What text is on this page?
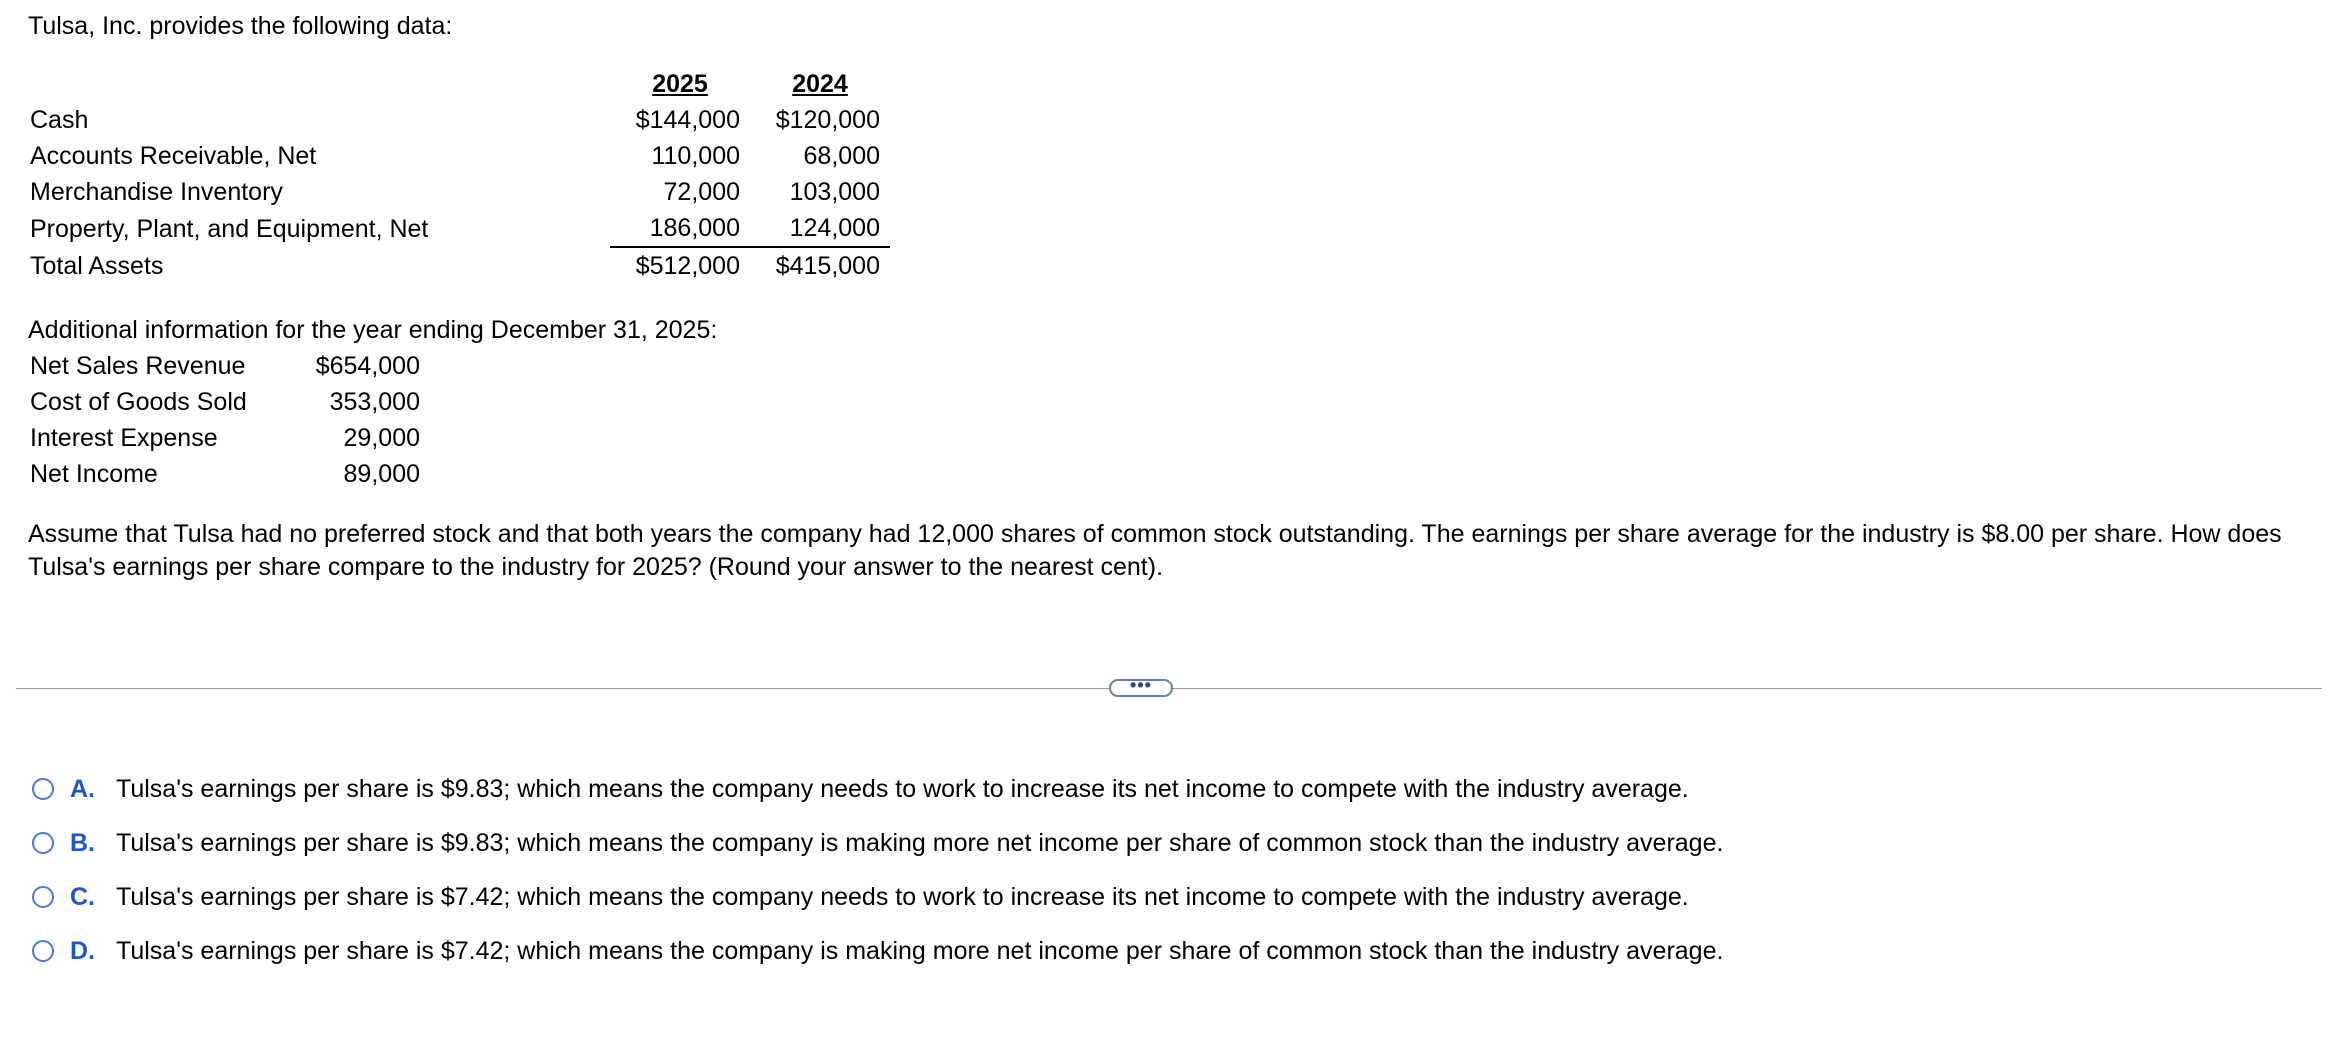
Tulsa, Inc. provides the following data:
	2025	2024
Cash	$144,000	$120,000
Accounts Receivable, Net	110,000	68,000
Merchandise Inventory	72,000	103,000
Property, Plant, and Equipment, Net	186,000	124,000
Total Assets	$512,000	$415,000
Additional information for the year ending December 31, 2025:
Net Sales Revenue	$654,000
Cost of Goods Sold	353,000
Interest Expense	29,000
Net Income	89,000
Assume that Tulsa had no preferred stock and that both years the company had 12,000 shares of common stock outstanding. The earnings per share average for the industry is $8.00 per share. How does Tulsa's earnings per share compare to the industry for 2025? (Round your answer to the nearest cent).
•••
A. Tulsa's earnings per share is $9.83; which means the company needs to work to increase its net income to compete with the industry average.
B. Tulsa's earnings per share is $9.83; which means the company is making more net income per share of common stock than the industry average.
C. Tulsa's earnings per share is $7.42; which means the company needs to work to increase its net income to compete with the industry average.
D. Tulsa's earnings per share is $7.42; which means the company is making more net income per share of common stock than the industry average.
